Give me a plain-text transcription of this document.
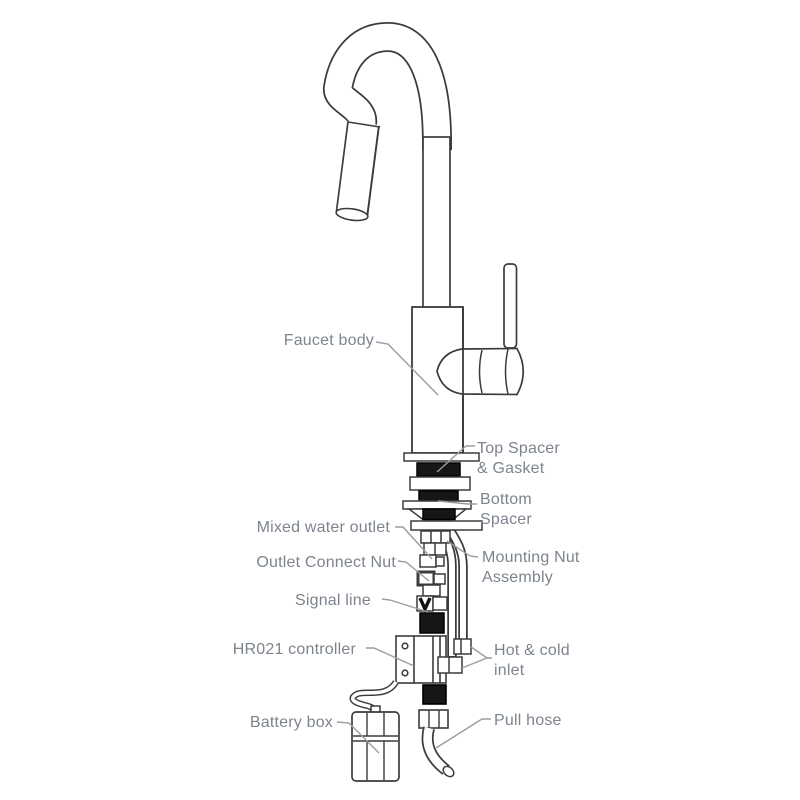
Faucet body
Top Spacer
& Gasket
Bottom
Spacer
Mixed water outlet
Outlet Connect Nut	Mounting Nut
Assembly
Signal line
HR021 controller	Hot & cold
inlet
Battery box	Pull hose
